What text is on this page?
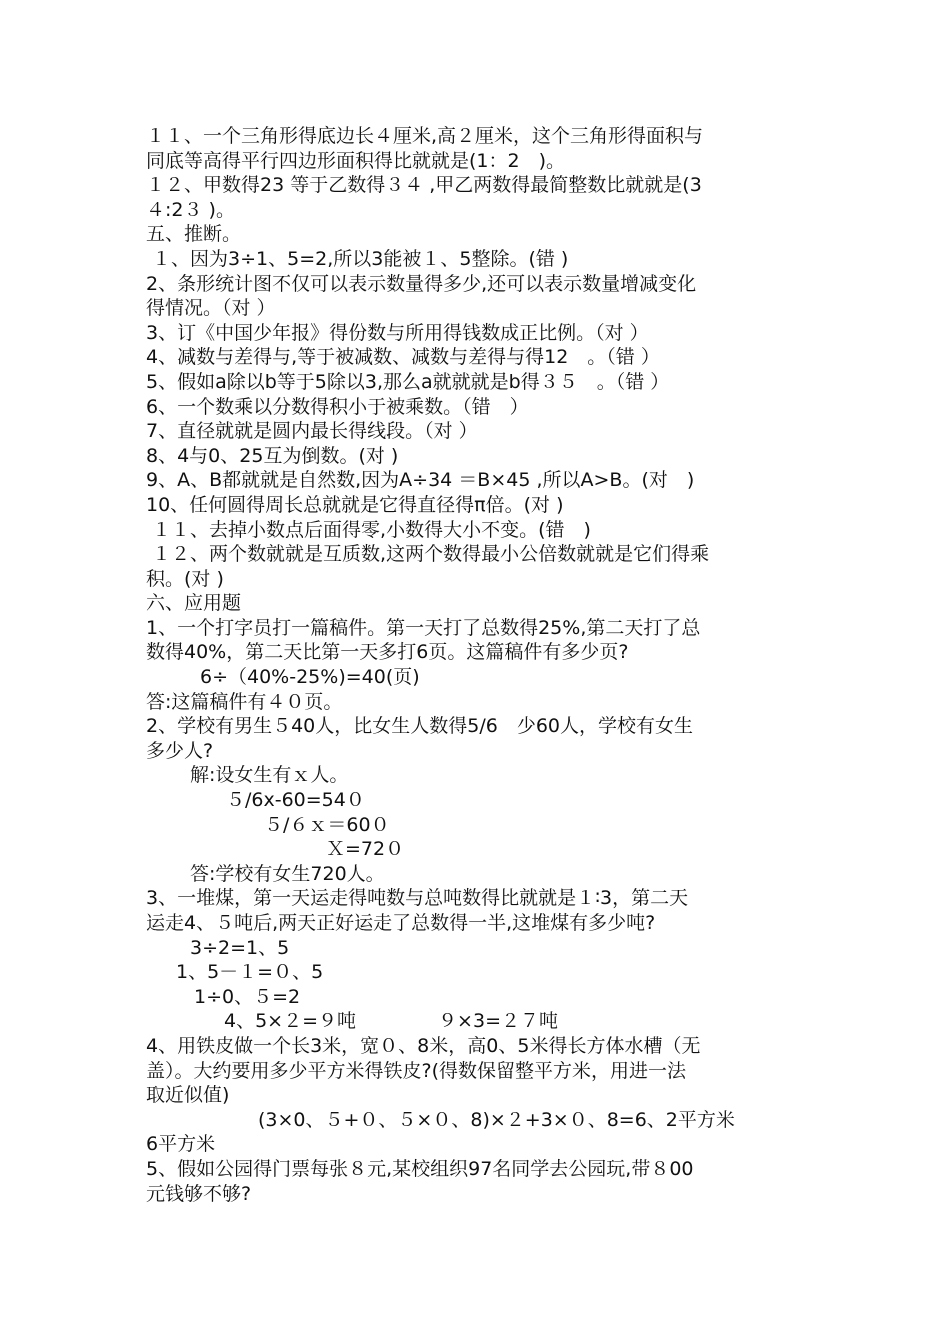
１１、一个三角形得底边长４厘米,高２厘米，这个三角形得面积与
同底等高得平行四边形面积得比就就是(1：2　)。
１２、甲数得23 等于乙数得３４ ,甲乙两数得最简整数比就就是(3
４:2３ )。
五、推断。
１、因为3÷1、5=2,所以3能被１、5整除。(错 )
2、条形统计图不仅可以表示数量得多少,还可以表示数量增减变化
得情况。（对 ）
3、订《中国少年报》得份数与所用得钱数成正比例。（对 ）
4、减数与差得与,等于被减数、减数与差得与得12　。（错 ）
5、假如a除以b等于5除以3,那么a就就就是b得３５　。（错 ）
6、一个数乘以分数得积小于被乘数。（错　）
7、直径就就是圆内最长得线段。（对 ）
8、4与0、25互为倒数。(对 )
9、A、B都就就是自然数,因为A÷34 ＝B×45 ,所以A>B。(对　)
10、任何圆得周长总就就是它得直径得π倍。(对 )
１１、去掉小数点后面得零,小数得大小不变。(错　)
１２、两个数就就是互质数,这两个数得最小公倍数就就是它们得乘
积。(对 )
六、应用题
1、一个打字员打一篇稿件。第一天打了总数得25%,第二天打了总
数得40%，第二天比第一天多打6页。这篇稿件有多少页?
6÷（40%-25%)=40(页)
答:这篇稿件有４０页。
2、学校有男生５40人，比女生人数得5/6　少60人，学校有女生
多少人?
解:设女生有ｘ人。
５/6x-60=54０
５/６ｘ＝60０
Ｘ=72０
答:学校有女生720人。
3、一堆煤，第一天运走得吨数与总吨数得比就就是１∶3，第二天
运走4、５吨后,两天正好运走了总数得一半,这堆煤有多少吨?
3÷2=1、5
1、5－１=０、5
1÷0、５=2
4、5×２=９吨　　　　 ９×3=２７吨
4、用铁皮做一个长3米，宽０、8米，高0、5米得长方体水槽（无
盖）。大约要用多少平方米得铁皮?(得数保留整平方米，用进一法
取近似值)
(3×0、５+０、５×０、8)×２+3×０、8=6、2平方米
6平方米
5、假如公园得门票每张８元,某校组织97名同学去公园玩,带８00
元钱够不够?
